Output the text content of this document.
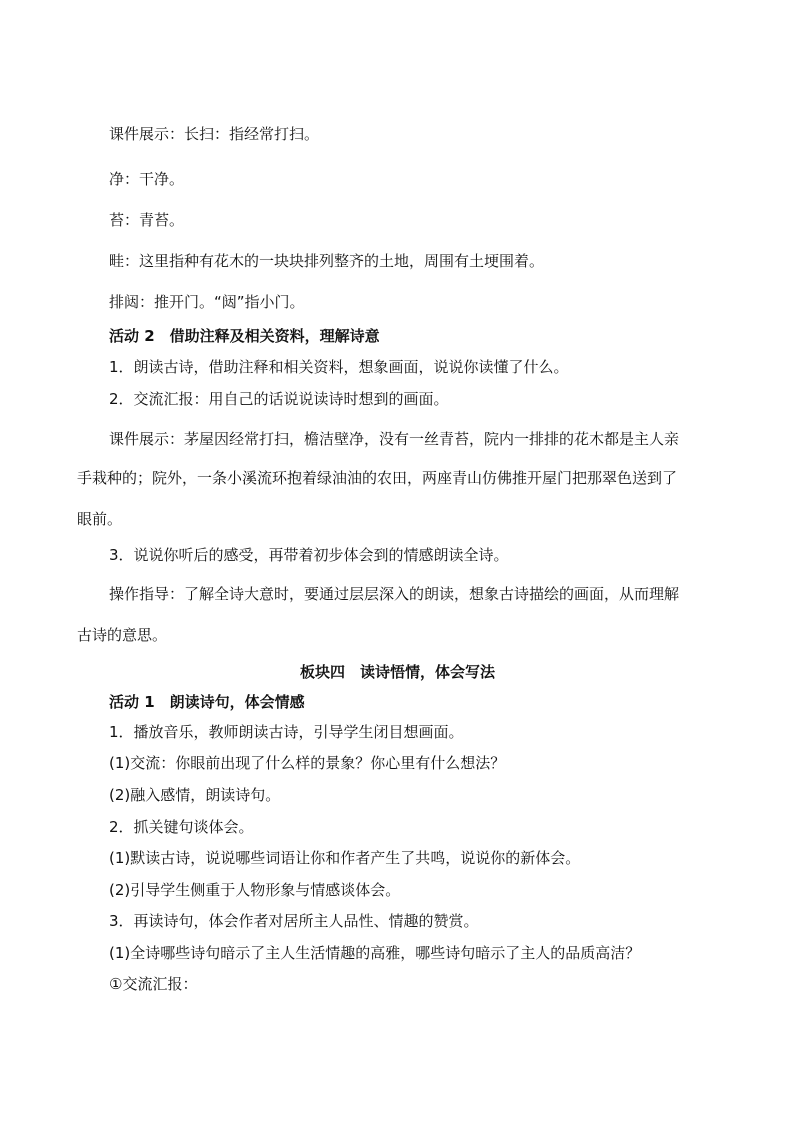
课件展示：长扫：指经常打扫。
净：干净。
苔：青苔。
畦：这里指种有花木的一块块排列整齐的土地，周围有土埂围着。
排闼：推开门。“闼”指小门。
活动 2　借助注释及相关资料，理解诗意
1．朗读古诗，借助注释和相关资料，想象画面，说说你读懂了什么。
2．交流汇报：用自己的话说说读诗时想到的画面。
课件展示：茅屋因经常打扫，檐洁壁净，没有一丝青苔，院内一排排的花木都是主人亲
手栽种的；院外，一条小溪流环抱着绿油油的农田，两座青山仿佛推开屋门把那翠色送到了
眼前。
3．说说你听后的感受，再带着初步体会到的情感朗读全诗。
操作指导：了解全诗大意时，要通过层层深入的朗读，想象古诗描绘的画面，从而理解
古诗的意思。
板块四　读诗悟情，体会写法
活动 1　朗读诗句，体会情感
1．播放音乐，教师朗读古诗，引导学生闭目想画面。
(1)交流：你眼前出现了什么样的景象？你心里有什么想法？
(2)融入感情，朗读诗句。
2．抓关键句谈体会。
(1)默读古诗，说说哪些词语让你和作者产生了共鸣，说说你的新体会。
(2)引导学生侧重于人物形象与情感谈体会。
3．再读诗句，体会作者对居所主人品性、情趣的赞赏。
(1)全诗哪些诗句暗示了主人生活情趣的高雅，哪些诗句暗示了主人的品质高洁？
①交流汇报：
